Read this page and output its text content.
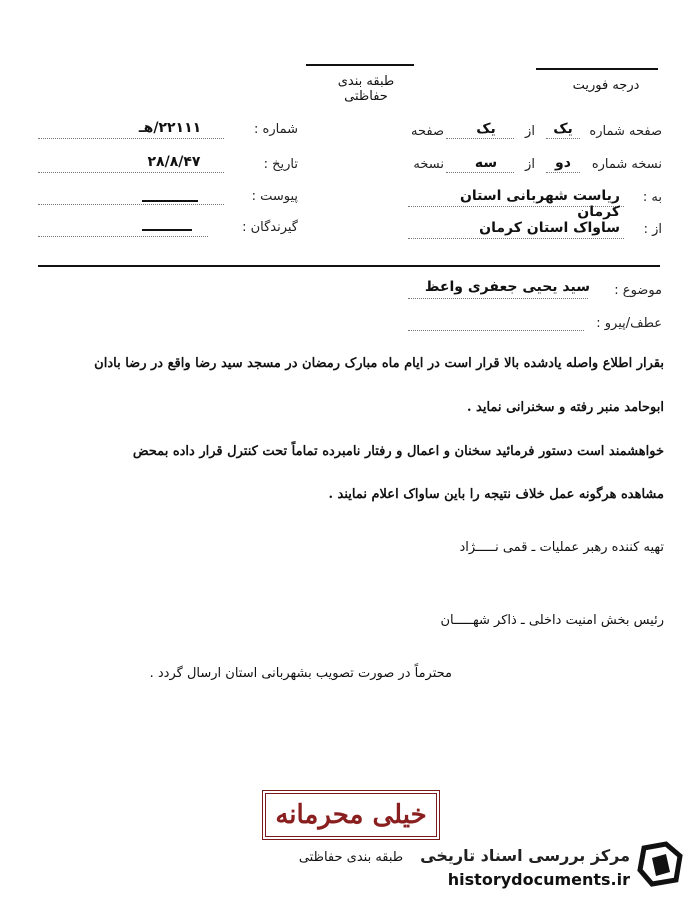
طبقه بندی حفاظتی
درجه فوریت
شماره :
۲۲۱۱۱/هـ
تاریخ :
۲۸/۸/۴۷
پیوست :
گیرندگان :
صفحه شماره
یک
از
یک
صفحه
نسخه شماره
دو
از
سه
نسخه
به :
ریاست شهربانی استان کرمان
از :
ساواک استان کرمان
موضوع :
سید یحیی جعفری واعظ
عطف/پیرو :
بقرار اطلاع واصله یادشده بالا قرار است در ایام ماه مبارک رمضان در مسجد سید رضا واقع در رضا بادان
ابوحامد منبر رفته و سخنرانی نماید .
خواهشمند است دستور فرمائید سخنان و اعمال و رفتار نامبرده تماماً تحت کنترل قرار داده بمحض
مشاهده هرگونه عمل خلاف نتیجه را باین ساواک اعلام نمایند .
تهیه کننده رهبر عملیات ـ قمی نـــــژاد
رئیس بخش امنیت داخلی ـ ذاکر شهـــــان
محترماً در صورت تصویب بشهربانی استان ارسال گردد .
خیلی محرمانه
طبقه بندی حفاظتی مرکز بررسی اسناد تاریخی
historydocuments.ir
